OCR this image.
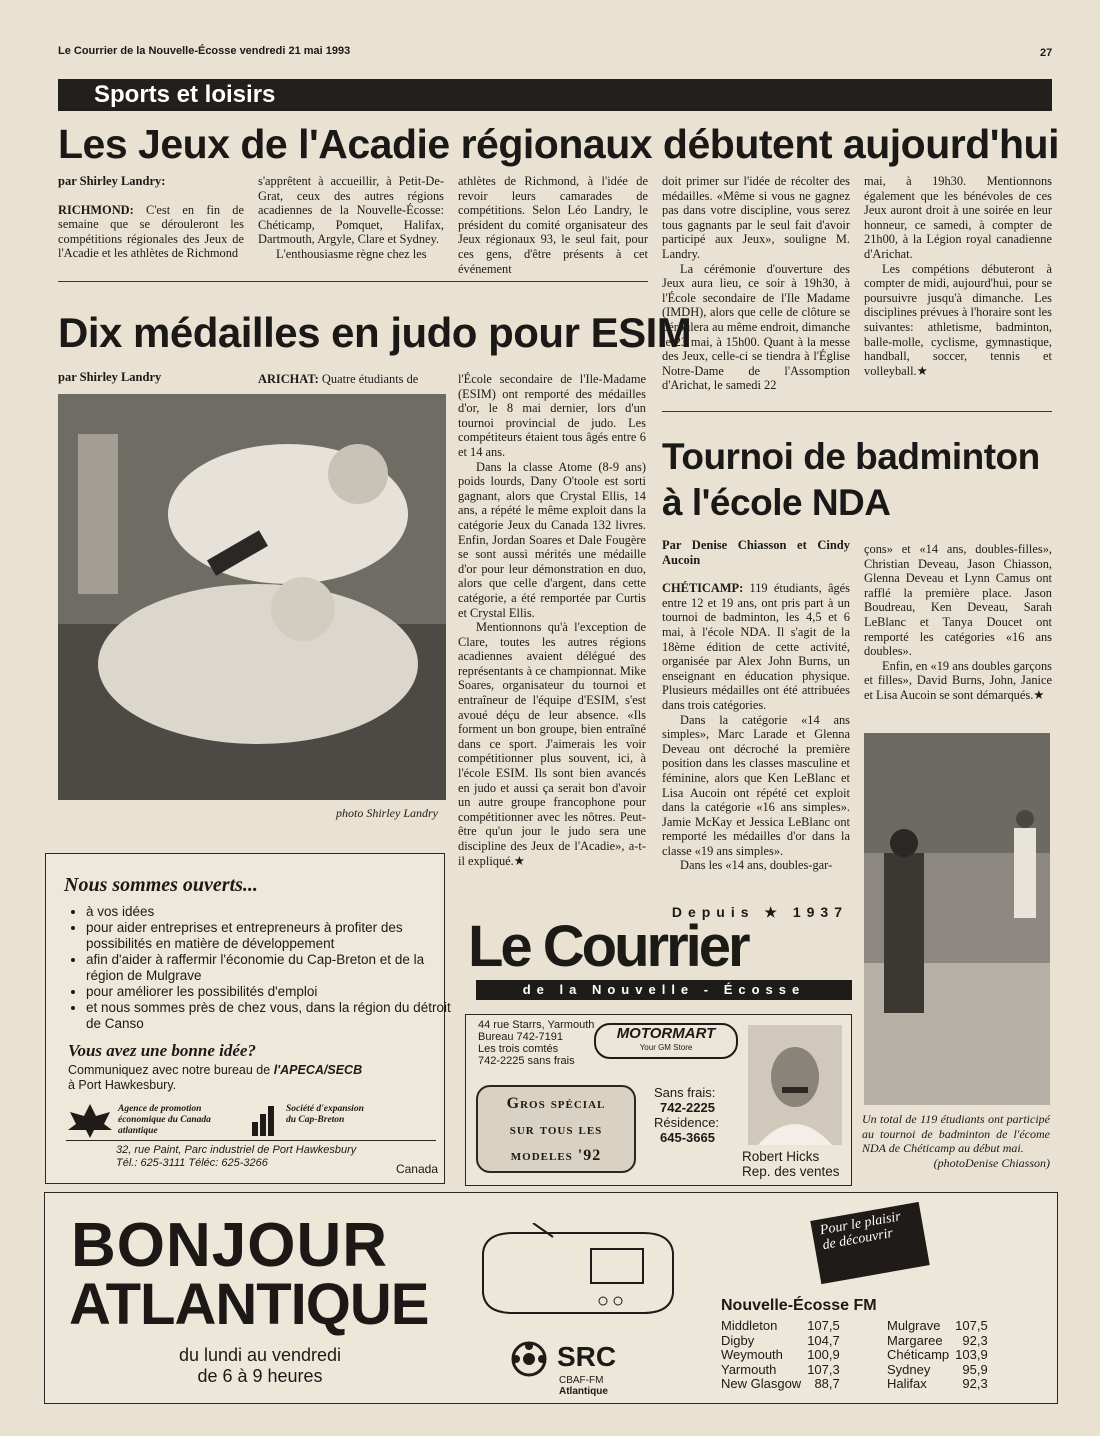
Le Courrier de la Nouvelle-Écosse vendredi 21 mai 1993	27
Sports et loisirs
Les Jeux de l'Acadie régionaux débutent aujourd'hui

par Shirley Landry:

RICHMOND: C'est en fin de semaine que se dérouleront les compétitions régionales des Jeux de l'Acadie et les athlètes de Richmond

s'apprêtent à accueillir, à Petit-De-Grat, ceux des autres régions acadiennes de la Nouvelle-Écosse: Chéticamp, Pomquet, Halifax, Dartmouth, Argyle, Clare et Sydney.

L'enthousiasme règne chez les

athlètes de Richmond, à l'idée de revoir leurs camarades de compétitions. Selon Léo Landry, le président du comité organisateur des Jeux régionaux 93, le seul fait, pour ces gens, d'être présents à cet événement

doit primer sur l'idée de récolter des médailles. «Même si vous ne gagnez pas dans votre discipline, vous serez tous gagnants par le seul fait d'avoir participé aux Jeux», souligne M. Landry.

La cérémonie d'ouverture des Jeux aura lieu, ce soir à 19h30, à l'École secondaire de l'Ile Madame (IMDH), alors que celle de clôture se déroulera au même endroit, dimanche le 23 mai, à 15h00. Quant à la messe des Jeux, celle-ci se tiendra à l'Église Notre-Dame de l'Assomption d'Arichat, le samedi 22

mai, à 19h30. Mentionnons également que les bénévoles de ces Jeux auront droit à une soirée en leur honneur, ce samedi, à compter de 21h00, à la Légion royal canadienne d'Arichat.

Les compétions débuteront à compter de midi, aujourd'hui, pour se poursuivre jusqu'à dimanche. Les disciplines prévues à l'horaire sont les suivantes: athletisme, badminton, balle-molle, cyclisme, gymnastique, handball, soccer, tennis et volleyball.★

Dix médailles en judo pour ESIM

par Shirley Landry	ARICHAT: Quatre étudiants de

photo Shirley Landry

l'École secondaire de l'Ile-Madame (ESIM) ont remporté des médailles d'or, le 8 mai dernier, lors d'un tournoi provincial de judo. Les compétiteurs étaient tous âgés entre 6 et 14 ans.

Dans la classe Atome (8-9 ans) poids lourds, Dany O'toole est sorti gagnant, alors que Crystal Ellis, 14 ans, a répété le même exploit dans la catégorie Jeux du Canada 132 livres. Enfin, Jordan Soares et Dale Fougère se sont aussi mérités une médaille d'or pour leur démonstration en duo, alors que celle d'argent, dans cette catégorie, a été remportée par Curtis et Crystal Ellis.

Mentionnons qu'à l'exception de Clare, toutes les autres régions acadiennes avaient délégué des représentants à ce championnat. Mike Soares, organisateur du tournoi et entraîneur de l'équipe d'ESIM, s'est avoué déçu de leur absence. «Ils forment un bon groupe, bien entraîné dans ce sport. J'aimerais les voir compétitionner plus souvent, ici, à l'école ESIM. Ils sont bien avancés en judo et aussi ça serait bon d'avoir un autre groupe francophone pour compétitionner avec les nôtres. Peut-être qu'un jour le judo sera une discipline des Jeux de l'Acadie», a-t-il expliqué.★

Tournoi de badminton
à l'école NDA

Par Denise Chiasson et Cindy Aucoin

CHÉTICAMP: 119 étudiants, âgés entre 12 et 19 ans, ont pris part à un tournoi de badminton, les 4,5 et 6 mai, à l'école NDA. Il s'agit de la 18ème édition de cette activité, organisée par Alex John Burns, un enseignant en éducation physique. Plusieurs médailles ont été attribuées dans trois catégories.

Dans la catégorie «14 ans simples», Marc Larade et Glenna Deveau ont décroché la première position dans les classes masculine et féminine, alors que Ken LeBlanc et Lisa Aucoin ont répété cet exploit dans la catégorie «16 ans simples». Jamie McKay et Jessica LeBlanc ont remporté les médailles d'or dans la classe «19 ans simples».

Dans les «14 ans, doubles-gar-

çons» et «14 ans, doubles-filles», Christian Deveau, Jason Chiasson, Glenna Deveau et Lynn Camus ont rafflé la première place. Jason Boudreau, Ken Deveau, Sarah LeBlanc et Tanya Doucet ont remporté les catégories «16 ans doubles».

Enfin, en «19 ans doubles garçons et filles», David Burns, John, Janice et Lisa Aucoin se sont démarqués.★

Un total de 119 étudiants ont participé au tournoi de badminton de l'écome NDA de Chéticamp au début mai.
(photoDenise Chiasson)
Nous sommes ouverts...
• à vos idées
• pour aider entreprises et entrepreneurs à profiter des possibilités en matière de développement
• afin d'aider à raffermir l'économie du Cap-Breton et de la région de Mulgrave
• pour améliorer les possibilités d'emploi
• et nous sommes près de chez vous, dans la région du détroit de Canso
Vous avez une bonne idée?
Communiquez avec notre bureau de l'APECA/SECB
à Port Hawkesbury.
Agence de promotion économique du Canada atlantique
Société d'expansion du Cap-Breton
32, rue Paint, Parc industriel de Port Hawkesbury
Tél.: 625-3111 Téléc: 625-3266	Canada
Depuis ★ 1937
Le Courrier
de la Nouvelle - Écosse
44 rue Starrs, Yarmouth
Bureau 742-7191
Les trois comtés
742-2225 sans frais
MOTORMART
Your GM Store
Gros spécial
sur tous les
modeles '92
Sans frais:
742-2225
Résidence:
645-3665
Robert Hicks
Rep. des ventes
BONJOUR
ATLANTIQUE
du lundi au vendredi
de 6 à 9 heures
SRC
CBAF-FM
Atlantique
Pour le plaisir de découvrir
Nouvelle-Écosse FM
Middleton	107,5
Digby	104,7
Weymouth	100,9
Yarmouth	107,3
New Glasgow	88,7
Mulgrave	107,5
Margaree	92,3
Chéticamp	103,9
Sydney	95,9
Halifax	92,3
